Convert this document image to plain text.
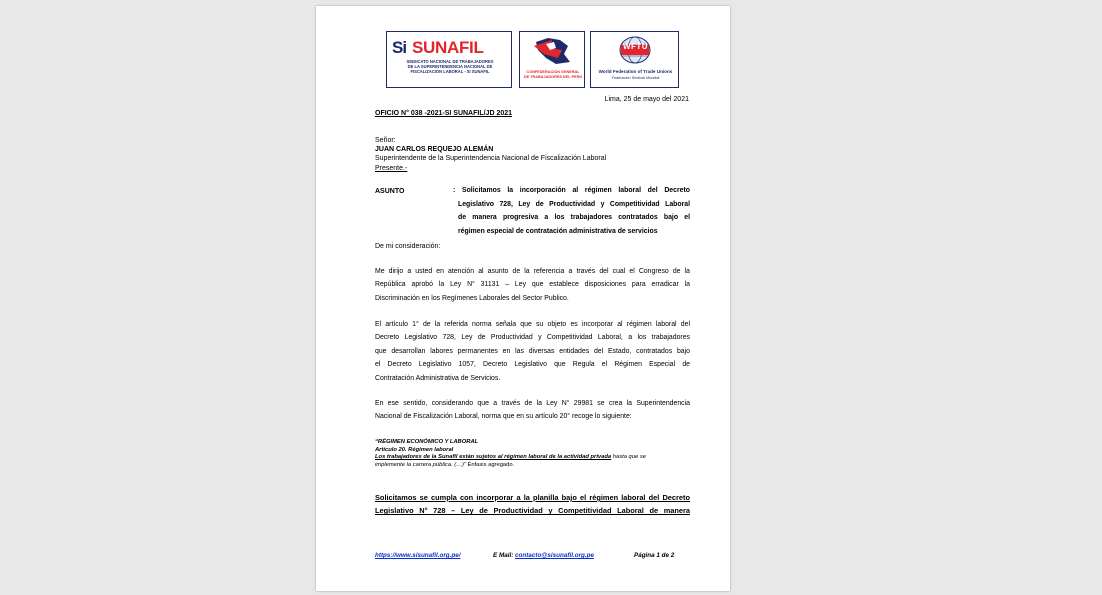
Si SUNAFIL
SINDICATO NACIONAL DE TRABAJADORES
DE LA SUPERINTENDENCIA NACIONAL DE
FISCALIZACIÓN LABORAL - SI SUNAFIL	CONFEDERACIÓN GENERAL
DE TRABAJADORES DEL PERÚ
WFTU
World Federation of Trade Unions
Federación Sindical Mundial
Lima, 25 de mayo del 2021
OFICIO N° 038 -2021-SI SUNAFIL/JD 2021
Señor:
JUAN CARLOS REQUEJO ALEMÁN
Superintendente de la Superintendencia Nacional de Fiscalización Laboral
Presente.-
ASUNTO	: Solicitamos la incorporación al régimen laboral del Decreto
Legislativo 728, Ley de Productividad y Competitividad Laboral
de manera progresiva a los trabajadores contratados bajo el
régimen especial de contratación administrativa de servicios
De mi consideración:
Me dirijo a usted en atención al asunto de la referencia a través del cual el Congreso de la
República aprobó la Ley N° 31131 – Ley que establece disposiciones para erradicar la
Discriminación en los Regímenes Laborales del Sector Publico.
El artículo 1° de la referida norma señala que su objeto es incorporar al régimen laboral del
Decreto Legislativo 728, Ley de Productividad y Competitividad Laboral, a los trabajadores
que desarrollan labores permanentes en las diversas entidades del Estado, contratados bajo
el Decreto Legislativo 1057, Decreto Legislativo que Regula el Régimen Especial de
Contratación Administrativa de Servicios.
En ese sentido, considerando que a través de la Ley N° 29981 se crea la Superintendencia
Nacional de Fiscalización Laboral, norma que en su artículo 20° recoge lo siguiente:
“RÉGIMEN ECONÓMICO Y LABORAL
Artículo 20. Régimen laboral
Los trabajadores de la Sunafil están sujetos al régimen laboral de la actividad privada hasta que se
implemente la carrera pública. (…)” Énfasis agregado.
Solicitamos se cumpla con incorporar a la planilla bajo el régimen laboral del Decreto
Legislativo N° 728 – Ley de Productividad y Competitividad Laboral de manera
https://www.sisunafil.org.pe/	E Mail: contacto@sisunafil.org.pe	Página 1 de 2
